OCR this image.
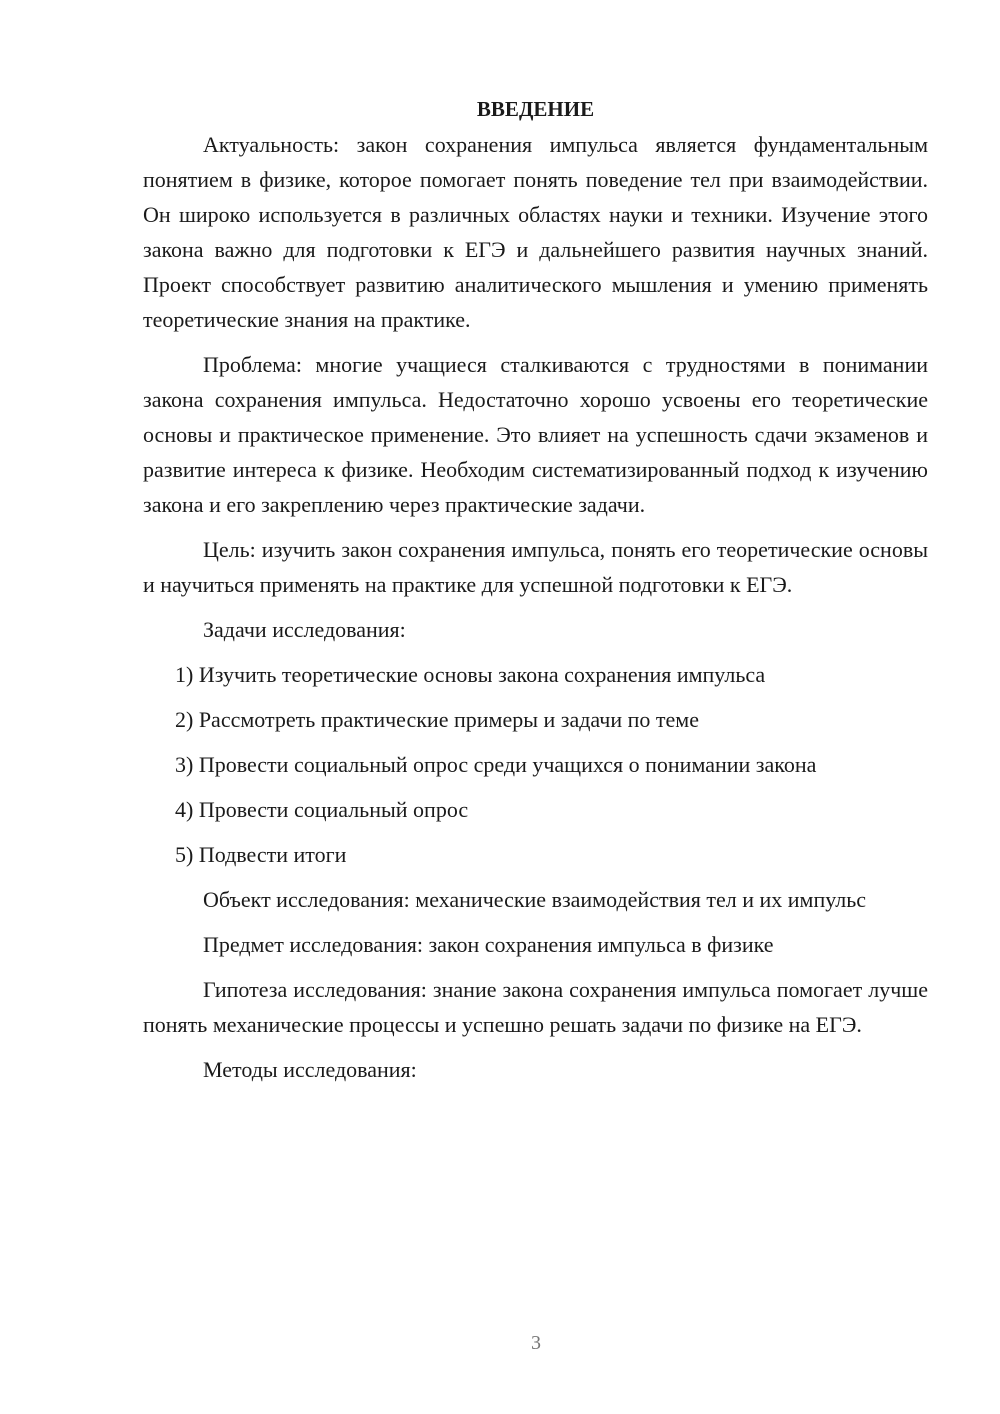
ВВЕДЕНИЕ

Актуальность: закон сохранения импульса является фундаментальным понятием в физике, которое помогает понять поведение тел при взаимодействии. Он широко используется в различных областях науки и техники. Изучение этого закона важно для подготовки к ЕГЭ и дальнейшего развития научных знаний. Проект способствует развитию аналитического мышления и умению применять теоретические знания на практике.

Проблема: многие учащиеся сталкиваются с трудностями в понимании закона сохранения импульса. Недостаточно хорошо усвоены его теоретические основы и практическое применение. Это влияет на успешность сдачи экзаменов и развитие интереса к физике. Необходим систематизированный подход к изучению закона и его закреплению через практические задачи.

Цель: изучить закон сохранения импульса, понять его теоретические основы и научиться применять на практике для успешной подготовки к ЕГЭ.

Задачи исследования:

1) Изучить теоретические основы закона сохранения импульса
2) Рассмотреть практические примеры и задачи по теме
3) Провести социальный опрос среди учащихся о понимании закона
4) Провести социальный опрос
5) Подвести итоги

Объект исследования: механические взаимодействия тел и их импульс

Предмет исследования: закон сохранения импульса в физике

Гипотеза исследования: знание закона сохранения импульса помогает лучше понять механические процессы и успешно решать задачи по физике на ЕГЭ.

Методы исследования:

3
